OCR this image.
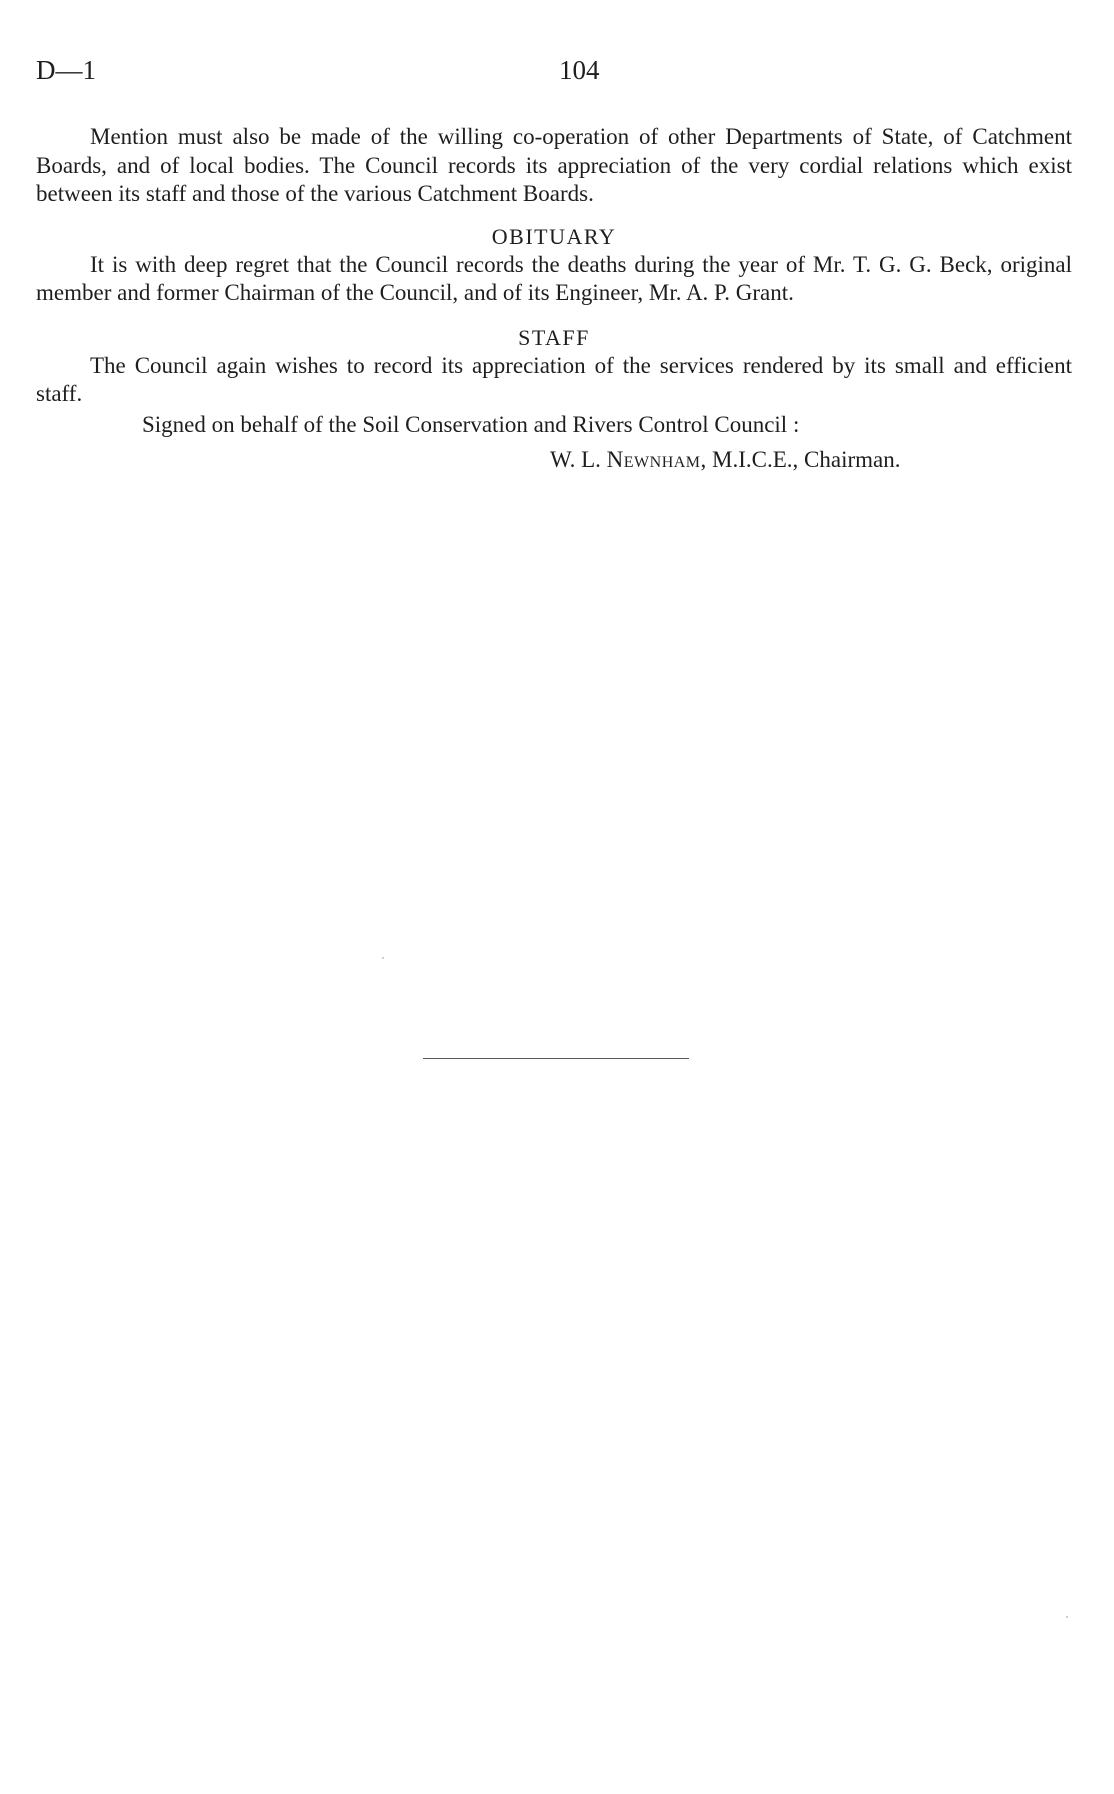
D—1	104

Mention must also be made of the willing co-operation of other Departments of State, of Catchment Boards, and of local bodies. The Council records its appreciation of the very cordial relations which exist between its staff and those of the various Catchment Boards.

OBITUARY

It is with deep regret that the Council records the deaths during the year of Mr. T. G. G. Beck, original member and former Chairman of the Council, and of its Engineer, Mr. A. P. Grant.

STAFF

The Council again wishes to record its appreciation of the services rendered by its small and efficient staff.

Signed on behalf of the Soil Conservation and Rivers Control Council :

W. L. Newnham, M.I.C.E., Chairman.
